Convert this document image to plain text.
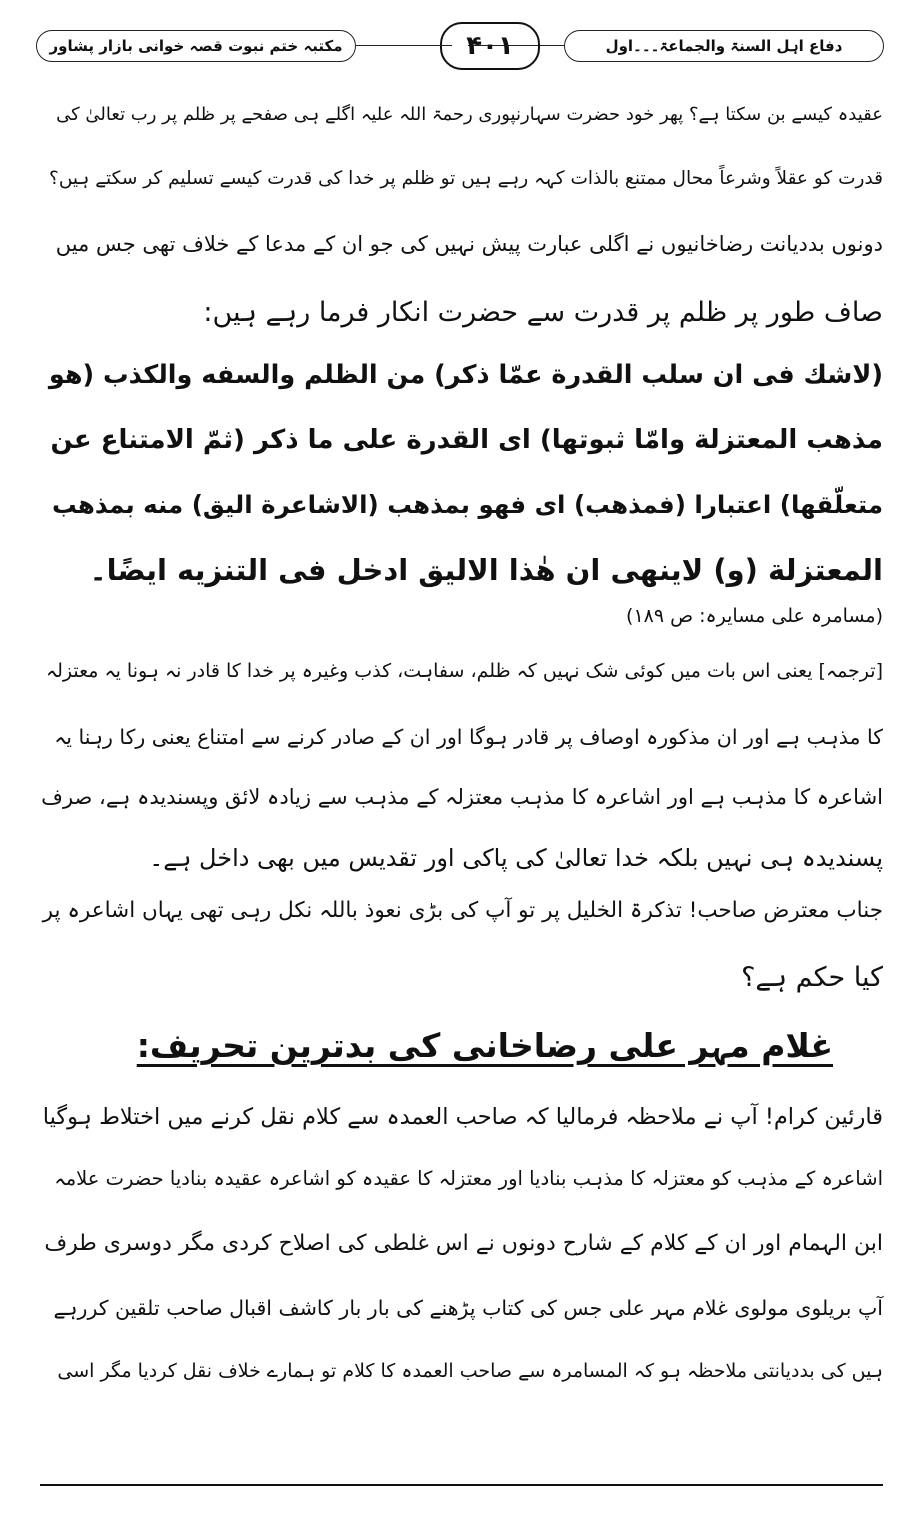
دفاع اہل السنۃ والجماعۃ۔۔۔اول
۴۰۱
مکتبہ ختم نبوت قصہ خوانی بازار پشاور
عقیدہ کیسے بن سکتا ہے؟ پھر خود حضرت سہارنپوری رحمۃ اللہ علیہ اگلے ہی صفحے پر ظلم پر رب تعالیٰ کی
قدرت کو عقلاً وشرعاً محال ممتنع بالذات کہہ رہے ہیں تو ظلم پر خدا کی قدرت کیسے تسلیم کر سکتے ہیں؟
دونوں بددیانت رضاخانیوں نے اگلی عبارت پیش نہیں کی جو ان کے مدعا کے خلاف تھی جس میں
صاف طور پر ظلم پر قدرت سے حضرت انکار فرما رہے ہیں:
(لاشك فی ان سلب القدرة عمّا ذکر) من الظلم والسفه والکذب (هو
مذهب المعتزلة وامّا ثبوتها) ای القدرة علی ما ذکر (ثمّ الامتناع عن
متعلّقها) اعتبارا (فمذهب) ای فهو بمذهب (الاشاعرة الیق) منه بمذهب
المعتزلة (و) لاینهی ان هٰذا الالیق ادخل فی التنزیه ایضًا۔
(مسامرہ علی مسایرہ: ص ۱۸۹)
[ترجمہ] یعنی اس بات میں کوئی شک نہیں کہ ظلم، سفاہت، کذب وغیرہ پر خدا کا قادر نہ ہونا یہ معتزلہ
کا مذہب ہے اور ان مذکورہ اوصاف پر قادر ہوگا اور ان کے صادر کرنے سے امتناع یعنی رکا رہنا یہ
اشاعرہ کا مذہب ہے اور اشاعرہ کا مذہب معتزلہ کے مذہب سے زیادہ لائق وپسندیدہ ہے، صرف
پسندیدہ ہی نہیں بلکہ خدا تعالیٰ کی پاکی اور تقدیس میں بھی داخل ہے۔
جناب معترض صاحب! تذکرۃ الخلیل پر تو آپ کی بڑی نعوذ باللہ نکل رہی تھی یہاں اشاعرہ پر
کیا حکم ہے؟
غلام مہر علی رضاخانی کی بدترین تحریف:
قارئین کرام! آپ نے ملاحظہ فرمالیا کہ صاحب العمدہ سے کلام نقل کرنے میں اختلاط ہوگیا
اشاعرہ کے مذہب کو معتزلہ کا مذہب بنادیا اور معتزلہ کا عقیدہ کو اشاعرہ عقیدہ بنادیا حضرت علامہ
ابن الہمام اور ان کے کلام کے شارح دونوں نے اس غلطی کی اصلاح کردی مگر دوسری طرف
آپ بریلوی مولوی غلام مہر علی جس کی کتاب پڑھنے کی بار بار کاشف اقبال صاحب تلقین کررہے
ہیں کی بددیانتی ملاحظہ ہو کہ المسامرہ سے صاحب العمدہ کا کلام تو ہمارے خلاف نقل کردیا مگر اسی
